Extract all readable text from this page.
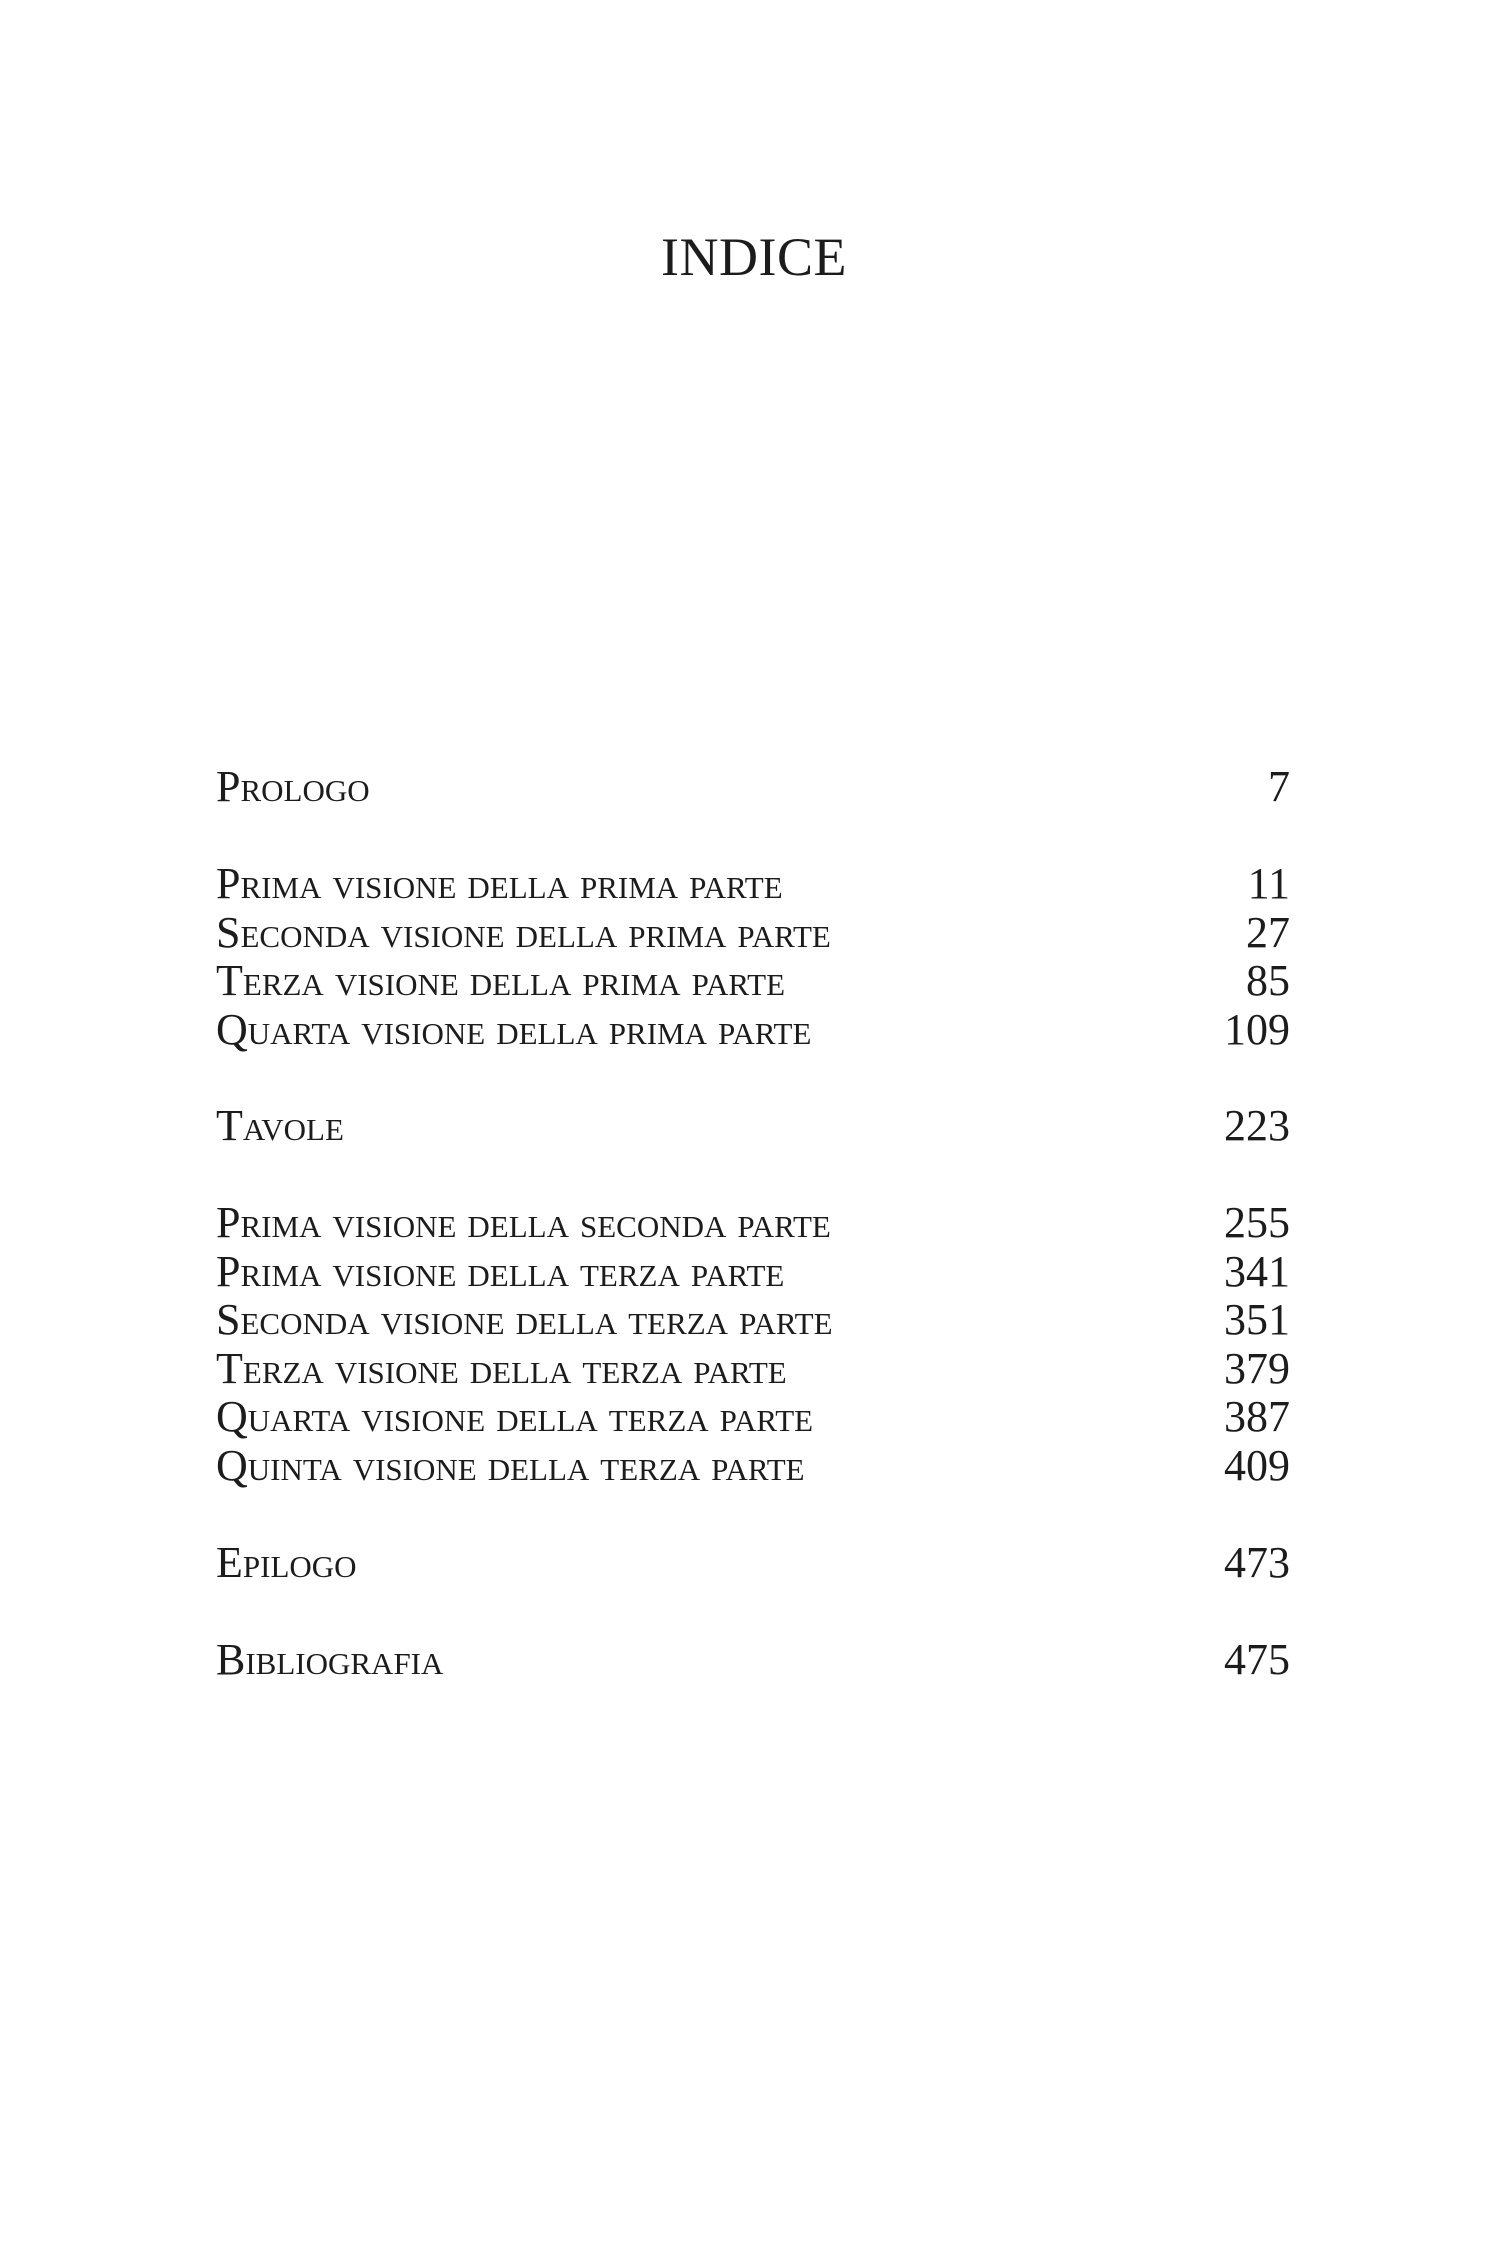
INDICE
Prologo	7
Prima visione della prima parte	11
Seconda visione della prima parte	27
Terza visione della prima parte	85
Quarta visione della prima parte	109
Tavole	223
Prima visione della seconda parte	255
Prima visione della terza parte	341
Seconda visione della terza parte	351
Terza visione della terza parte	379
Quarta visione della terza parte	387
Quinta visione della terza parte	409
Epilogo	473
Bibliografia	475
